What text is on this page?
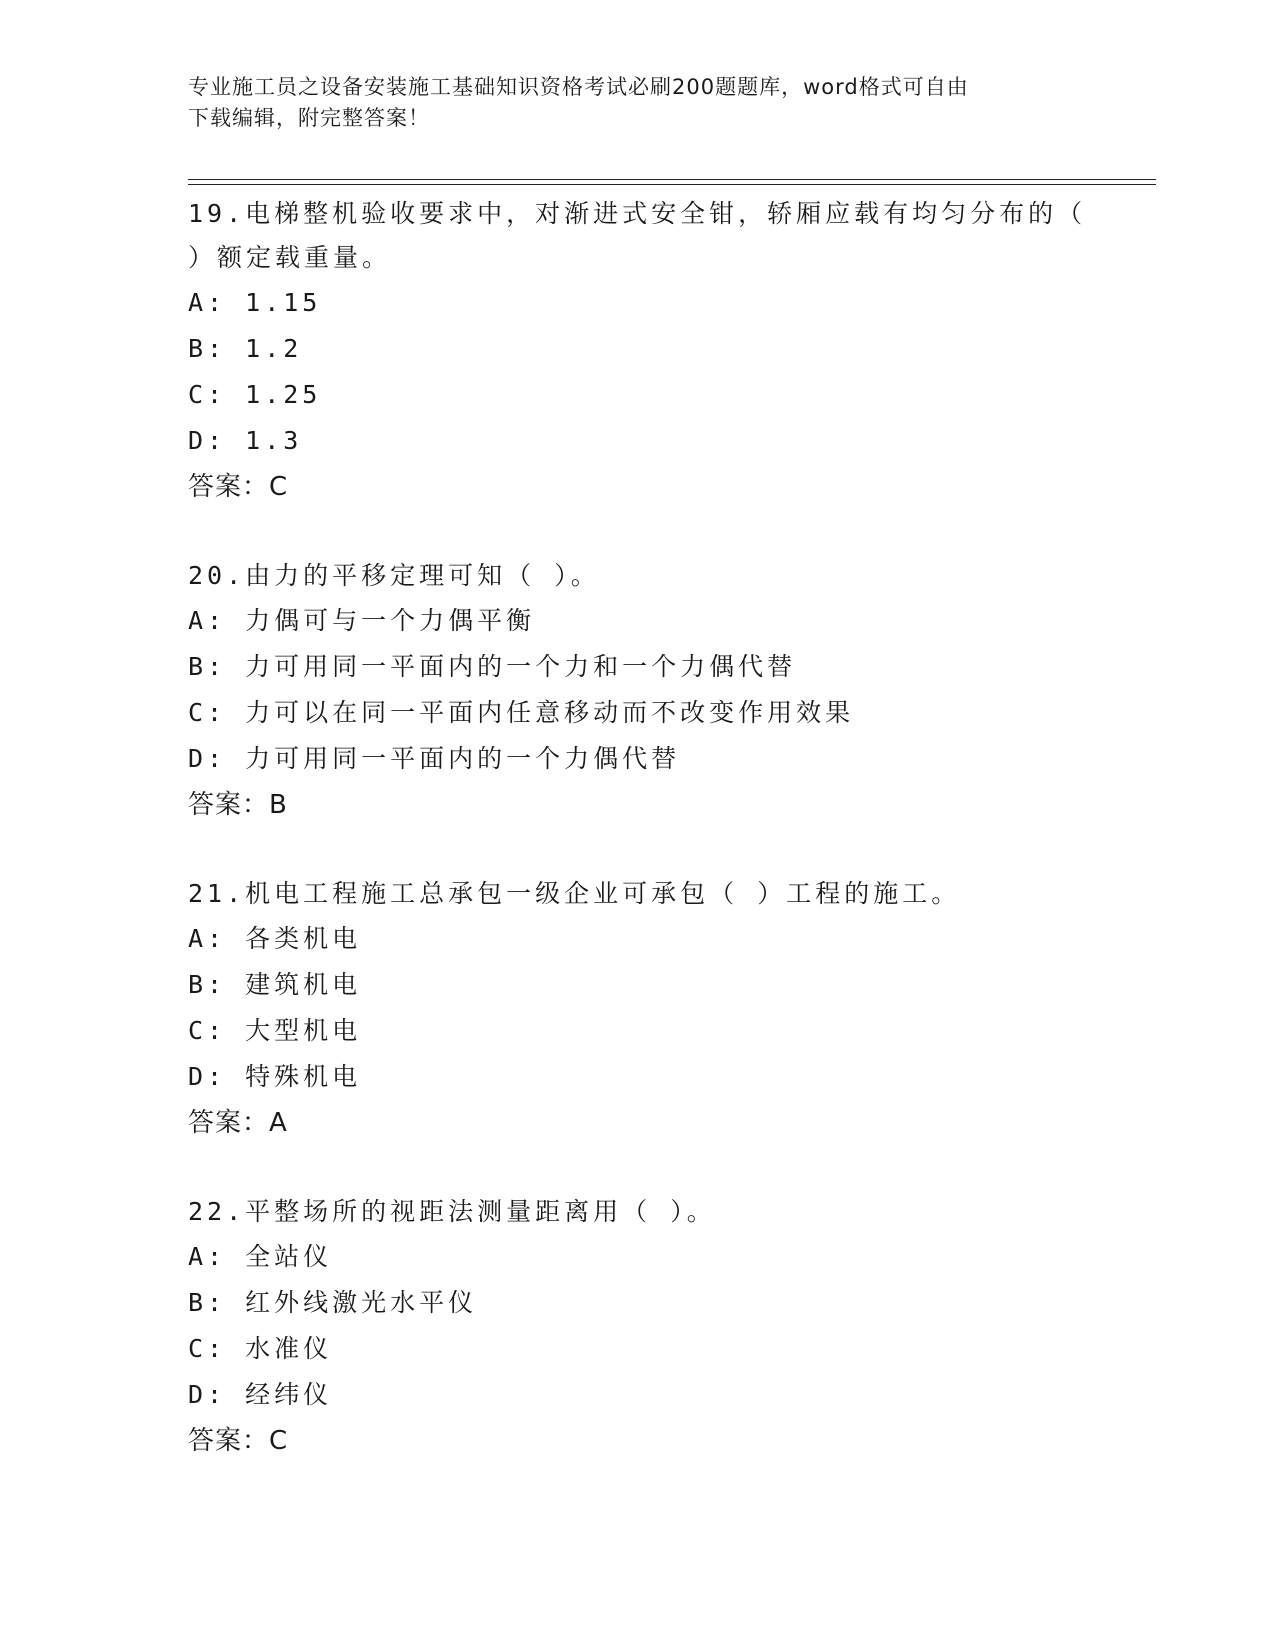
专业施工员之设备安装施工基础知识资格考试必刷200题题库，word格式可自由
下载编辑，附完整答案！

19.电梯整机验收要求中，对渐进式安全钳，轿厢应载有均匀分布的（
）额定载重量。

A: 1.15
B: 1.2
C: 1.25
D: 1.3
答案：C

20.由力的平移定理可知（ ）。

A: 力偶可与一个力偶平衡
B: 力可用同一平面内的一个力和一个力偶代替
C: 力可以在同一平面内任意移动而不改变作用效果
D: 力可用同一平面内的一个力偶代替
答案：B

21.机电工程施工总承包一级企业可承包（ ）工程的施工。

A: 各类机电
B: 建筑机电
C: 大型机电
D: 特殊机电
答案：A

22.平整场所的视距法测量距离用（ ）。

A: 全站仪
B: 红外线激光水平仪
C: 水准仪
D: 经纬仪
答案：C
